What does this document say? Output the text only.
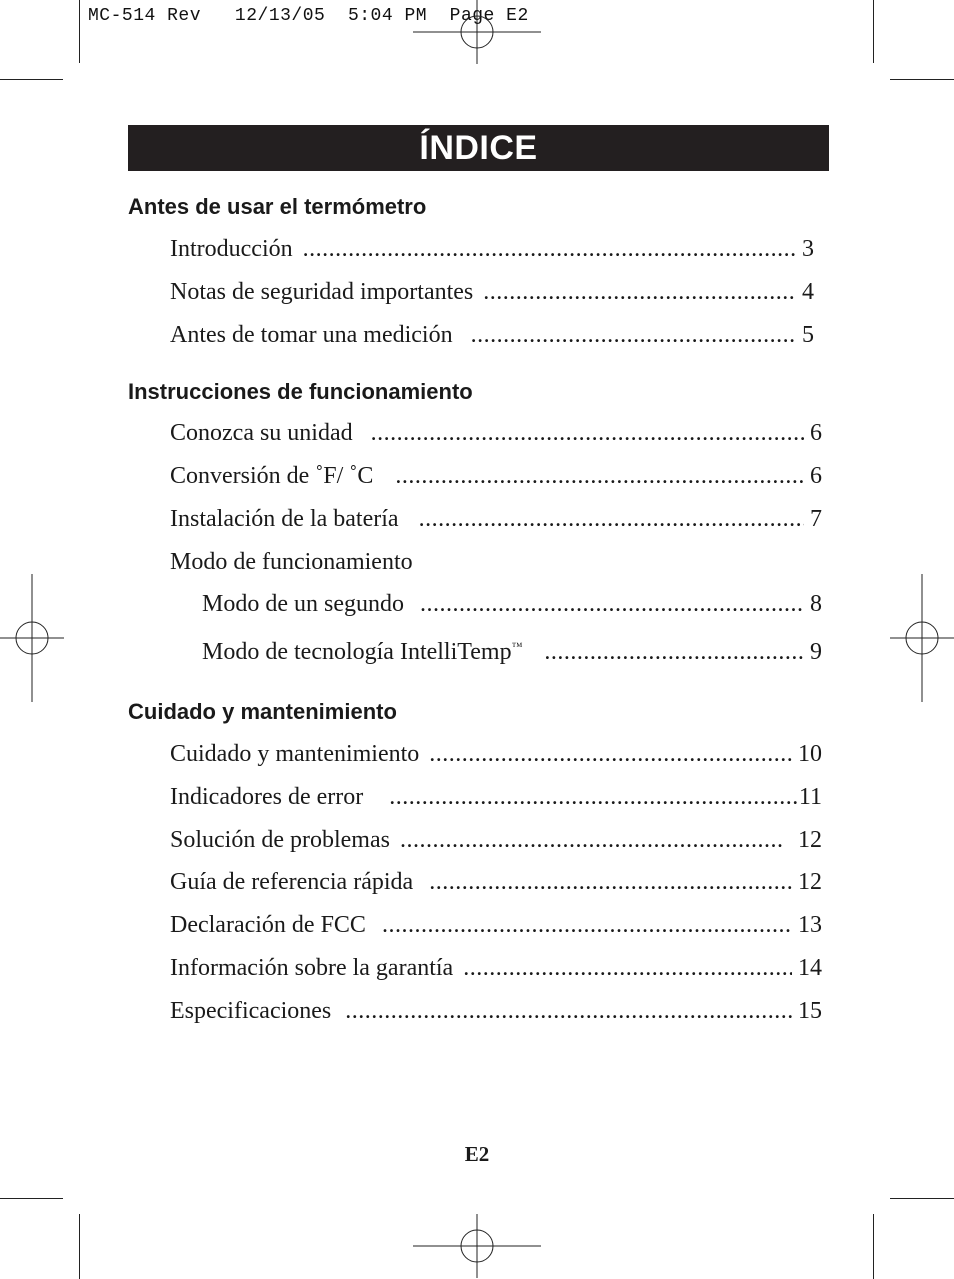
MC-514 Rev   12/13/05  5:04 PM  Page E2
ÍNDICE
Antes de usar el termómetro
Introducción .....	3
Notas de seguridad importantes .....	4
Antes de tomar una medición .....	5
Instrucciones de funcionamiento
Conozca su unidad .....	6
Conversión de ˚F/ ˚C .....	6
Instalación de la batería .....	7
Modo de funcionamiento
Modo de un segundo .....	8
Modo de tecnología IntelliTemp™ .....	9
Cuidado y mantenimiento
Cuidado y mantenimiento .....	10
Indicadores de error .....	11
Solución de problemas .....	12
Guía de referencia rápida .....	12
Declaración de FCC .....	13
Información sobre la garantía .....	14
Especificaciones .....	15
E2
